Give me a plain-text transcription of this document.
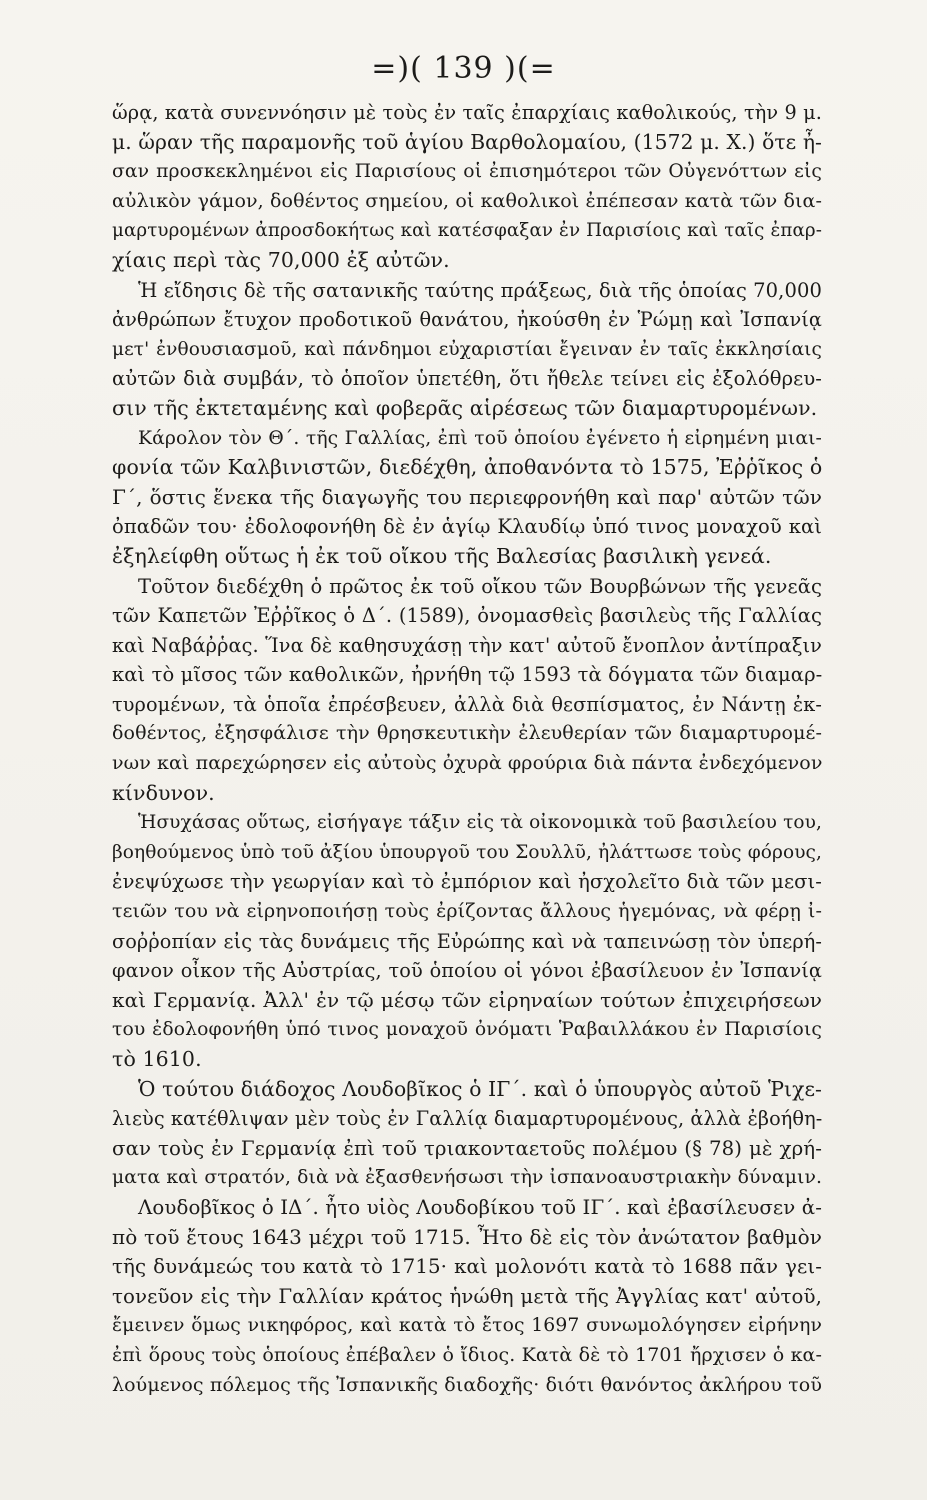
=)( 139 )(=
ὥρᾳ, κατὰ συνεννόησιν μὲ τοὺς ἐν ταῖς ἐπαρχίαις καθολικούς, τὴν 9 μ.
μ. ὥραν τῆς παραμονῆς τοῦ ἁγίου Βαρθολομαίου, (1572 μ. Χ.) ὅτε ἦ-
σαν προσκεκλημένοι εἰς Παρισίους οἱ ἐπισημότεροι τῶν Οὐγενόττων εἰς
αὐλικὸν γάμον, δοθέντος σημείου, οἱ καθολικοὶ ἐπέπεσαν κατὰ τῶν δια-
μαρτυρομένων ἀπροσδοκήτως καὶ κατέσφαξαν ἐν Παρισίοις καὶ ταῖς ἐπαρ-
χίαις περὶ τὰς 70,000 ἐξ αὐτῶν.
Ἡ εἴδησις δὲ τῆς σατανικῆς ταύτης πράξεως, διὰ τῆς ὁποίας 70,000
ἀνθρώπων ἔτυχον προδοτικοῦ θανάτου, ἠκούσθη ἐν Ῥώμῃ καὶ Ἰσπανίᾳ
μετ' ἐνθουσιασμοῦ, καὶ πάνδημοι εὐχαριστίαι ἔγειναν ἐν ταῖς ἐκκλησίαις
αὐτῶν διὰ συμβάν, τὸ ὁποῖον ὑπετέθη, ὅτι ἤθελε τείνει εἰς ἐξολόθρευ-
σιν τῆς ἐκτεταμένης καὶ φοβερᾶς αἱρέσεως τῶν διαμαρτυρομένων.
Κάρολον τὸν Θ΄. τῆς Γαλλίας, ἐπὶ τοῦ ὁποίου ἐγένετο ἡ εἰρημένη μιαι-
φονία τῶν Καλβινιστῶν, διεδέχθη, ἀποθανόντα τὸ 1575, Ἐῤῥῖκος ὁ
Γ΄, ὅστις ἕνεκα τῆς διαγωγῆς του περιεφρονήθη καὶ παρ' αὐτῶν τῶν
ὀπαδῶν του· ἐδολοφονήθη δὲ ἐν ἁγίῳ Κλαυδίῳ ὑπό τινος μοναχοῦ καὶ
ἐξηλείφθη οὕτως ἡ ἐκ τοῦ οἴκου τῆς Βαλεσίας βασιλικὴ γενεά.
Τοῦτον διεδέχθη ὁ πρῶτος ἐκ τοῦ οἴκου τῶν Βουρβώνων τῆς γενεᾶς
τῶν Καπετῶν Ἐῤῥῖκος ὁ Δ΄. (1589), ὀνομασθεὶς βασιλεὺς τῆς Γαλλίας
καὶ Ναβάῤῥας. Ἵνα δὲ καθησυχάσῃ τὴν κατ' αὐτοῦ ἔνοπλον ἀντίπραξιν
καὶ τὸ μῖσος τῶν καθολικῶν, ἠρνήθη τῷ 1593 τὰ δόγματα τῶν διαμαρ-
τυρομένων, τὰ ὁποῖα ἐπρέσβευεν, ἀλλὰ διὰ θεσπίσματος, ἐν Νάντῃ ἐκ-
δοθέντος, ἐξησφάλισε τὴν θρησκευτικὴν ἐλευθερίαν τῶν διαμαρτυρομέ-
νων καὶ παρεχώρησεν εἰς αὐτοὺς ὀχυρὰ φρούρια διὰ πάντα ἐνδεχόμενον
κίνδυνον.
Ἡσυχάσας οὕτως, εἰσήγαγε τάξιν εἰς τὰ οἰκονομικὰ τοῦ βασιλείου του,
βοηθούμενος ὑπὸ τοῦ ἀξίου ὑπουργοῦ του Σουλλῦ, ἠλάττωσε τοὺς φόρους,
ἐνεψύχωσε τὴν γεωργίαν καὶ τὸ ἐμπόριον καὶ ἠσχολεῖτο διὰ τῶν μεσι-
τειῶν του νὰ εἰρηνοποιήσῃ τοὺς ἐρίζοντας ἄλλους ἡγεμόνας, νὰ φέρῃ ἰ-
σοῤῥοπίαν εἰς τὰς δυνάμεις τῆς Εὐρώπης καὶ νὰ ταπεινώσῃ τὸν ὑπερή-
φανον οἶκον τῆς Αὐστρίας, τοῦ ὁποίου οἱ γόνοι ἐβασίλευον ἐν Ἰσπανίᾳ
καὶ Γερμανίᾳ. Ἀλλ' ἐν τῷ μέσῳ τῶν εἰρηναίων τούτων ἐπιχειρήσεων
του ἐδολοφονήθη ὑπό τινος μοναχοῦ ὀνόματι Ῥαβαιλλάκου ἐν Παρισίοις
τὸ 1610.
Ὁ τούτου διάδοχος Λουδοβῖκος ὁ ΙΓ΄. καὶ ὁ ὑπουργὸς αὐτοῦ Ῥιχε-
λιεὺς κατέθλιψαν μὲν τοὺς ἐν Γαλλίᾳ διαμαρτυρομένους, ἀλλὰ ἐβοήθη-
σαν τοὺς ἐν Γερμανίᾳ ἐπὶ τοῦ τριακονταετοῦς πολέμου (§ 78) μὲ χρή-
ματα καὶ στρατόν, διὰ νὰ ἐξασθενήσωσι τὴν ἰσπανοαυστριακὴν δύναμιν.
Λουδοβῖκος ὁ ΙΔ΄. ἦτο υἱὸς Λουδοβίκου τοῦ ΙΓ΄. καὶ ἐβασίλευσεν ἀ-
πὸ τοῦ ἔτους 1643 μέχρι τοῦ 1715. Ἦτο δὲ εἰς τὸν ἀνώτατον βαθμὸν
τῆς δυνάμεώς του κατὰ τὸ 1715· καὶ μολονότι κατὰ τὸ 1688 πᾶν γει-
τονεῦον εἰς τὴν Γαλλίαν κράτος ἡνώθη μετὰ τῆς Ἀγγλίας κατ' αὐτοῦ,
ἔμεινεν ὅμως νικηφόρος, καὶ κατὰ τὸ ἔτος 1697 συνωμολόγησεν εἰρήνην
ἐπὶ ὅρους τοὺς ὁποίους ἐπέβαλεν ὁ ἴδιος. Κατὰ δὲ τὸ 1701 ἤρχισεν ὁ κα-
λούμενος πόλεμος τῆς Ἰσπανικῆς διαδοχῆς· διότι θανόντος ἀκλήρου τοῦ
